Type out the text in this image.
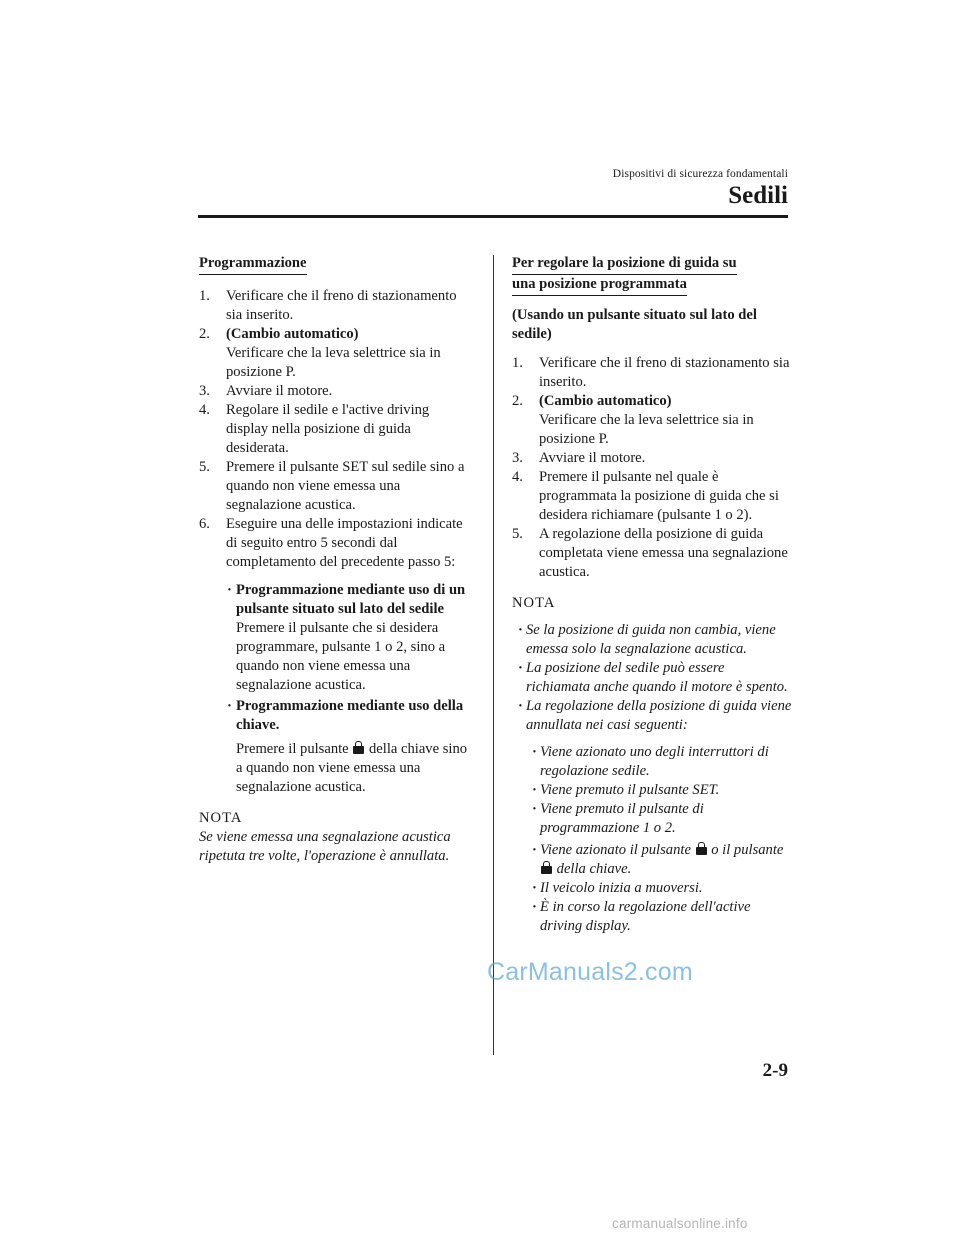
Dispositivi di sicurezza fondamentali
Sedili
Programmazione
1. Verificare che il freno di stazionamento sia inserito.
2. (Cambio automatico)
Verificare che la leva selettrice sia in posizione P.
3. Avviare il motore.
4. Regolare il sedile e l'active driving display nella posizione di guida desiderata.
5. Premere il pulsante SET sul sedile sino a quando non viene emessa una segnalazione acustica.
6. Eseguire una delle impostazioni indicate di seguito entro 5 secondi dal completamento del precedente passo 5:
· Programmazione mediante uso di un pulsante situato sul lato del sedile
Premere il pulsante che si desidera programmare, pulsante 1 o 2, sino a quando non viene emessa una segnalazione acustica.
· Programmazione mediante uso della chiave.
Premere il pulsante della chiave sino a quando non viene emessa una segnalazione acustica.
NOTA
Se viene emessa una segnalazione acustica ripetuta tre volte, l'operazione è annullata.
Per regolare la posizione di guida su
una posizione programmata
(Usando un pulsante situato sul lato del sedile)
1. Verificare che il freno di stazionamento sia inserito.
2. (Cambio automatico)
Verificare che la leva selettrice sia in posizione P.
3. Avviare il motore.
4. Premere il pulsante nel quale è programmata la posizione di guida che si desidera richiamare (pulsante 1 o 2).
5. A regolazione della posizione di guida completata viene emessa una segnalazione acustica.
NOTA
· Se la posizione di guida non cambia, viene emessa solo la segnalazione acustica.
· La posizione del sedile può essere richiamata anche quando il motore è spento.
· La regolazione della posizione di guida viene annullata nei casi seguenti:
· Viene azionato uno degli interruttori di regolazione sedile.
· Viene premuto il pulsante SET.
· Viene premuto il pulsante di programmazione 1 o 2.
· Viene azionato il pulsante o il pulsante  della chiave.
· Il veicolo inizia a muoversi.
· È in corso la regolazione dell'active driving display.
CarManuals2.com
2-9
carmanualsonline.info
